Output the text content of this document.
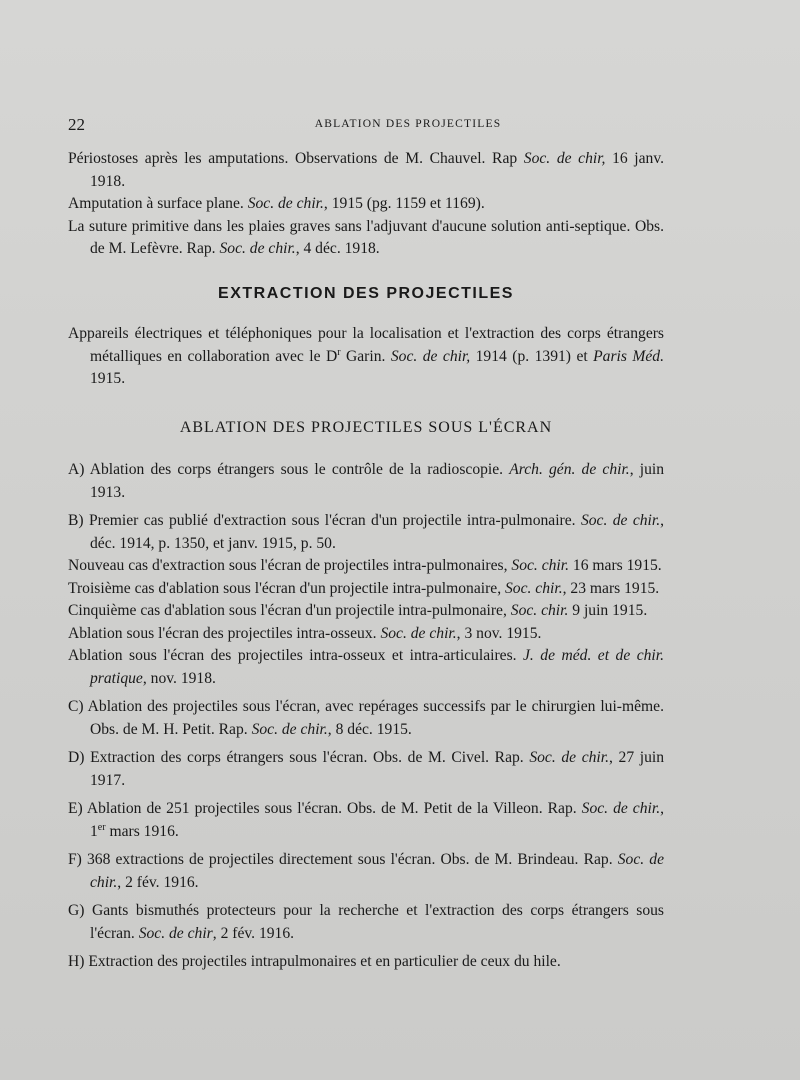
22	ABLATION DES PROJECTILES

Périostoses après les amputations. Observations de M. Chauvel. Rap Soc. de chir, 16 janv. 1918.

Amputation à surface plane. Soc. de chir., 1915 (pg. 1159 et 1169).

La suture primitive dans les plaies graves sans l'adjuvant d'aucune solution anti-septique. Obs. de M. Lefèvre. Rap. Soc. de chir., 4 déc. 1918.

EXTRACTION DES PROJECTILES

Appareils électriques et téléphoniques pour la localisation et l'extraction des corps étrangers métalliques en collaboration avec le $D^r$ Garin. Soc. de chir, 1914 (p. 1391) et Paris Méd. 1915.

ABLATION DES PROJECTILES SOUS L'ÉCRAN

A) Ablation des corps étrangers sous le contrôle de la radioscopie. Arch. gén. de chir., juin 1913.

B) Premier cas publié d'extraction sous l'écran d'un projectile intra-pulmonaire. Soc. de chir., déc. 1914, p. 1350, et janv. 1915, p. 50.

Nouveau cas d'extraction sous l'écran de projectiles intra-pulmonaires, Soc. chir. 16 mars 1915.

Troisième cas d'ablation sous l'écran d'un projectile intra-pulmonaire, Soc. chir., 23 mars 1915.

Cinquième cas d'ablation sous l'écran d'un projectile intra-pulmonaire, Soc. chir. 9 juin 1915.

Ablation sous l'écran des projectiles intra-osseux. Soc. de chir., 3 nov. 1915.

Ablation sous l'écran des projectiles intra-osseux et intra-articulaires. J. de méd. et de chir. pratique, nov. 1918.

C) Ablation des projectiles sous l'écran, avec repérages successifs par le chirurgien lui-même. Obs. de M. H. Petit. Rap. Soc. de chir., 8 déc. 1915.

D) Extraction des corps étrangers sous l'écran. Obs. de M. Civel. Rap. Soc. de chir., 27 juin 1917.

E) Ablation de 251 projectiles sous l'écran. Obs. de M. Petit de la Villeon. Rap. Soc. de chir., 1er mars 1916.

F) 368 extractions de projectiles directement sous l'écran. Obs. de M. Brindeau. Rap. Soc. de chir., 2 fév. 1916.

G) Gants bismuthés protecteurs pour la recherche et l'extraction des corps étrangers sous l'écran. Soc. de chir, 2 fév. 1916.

H) Extraction des projectiles intrapulmonaires et en particulier de ceux du hile.
